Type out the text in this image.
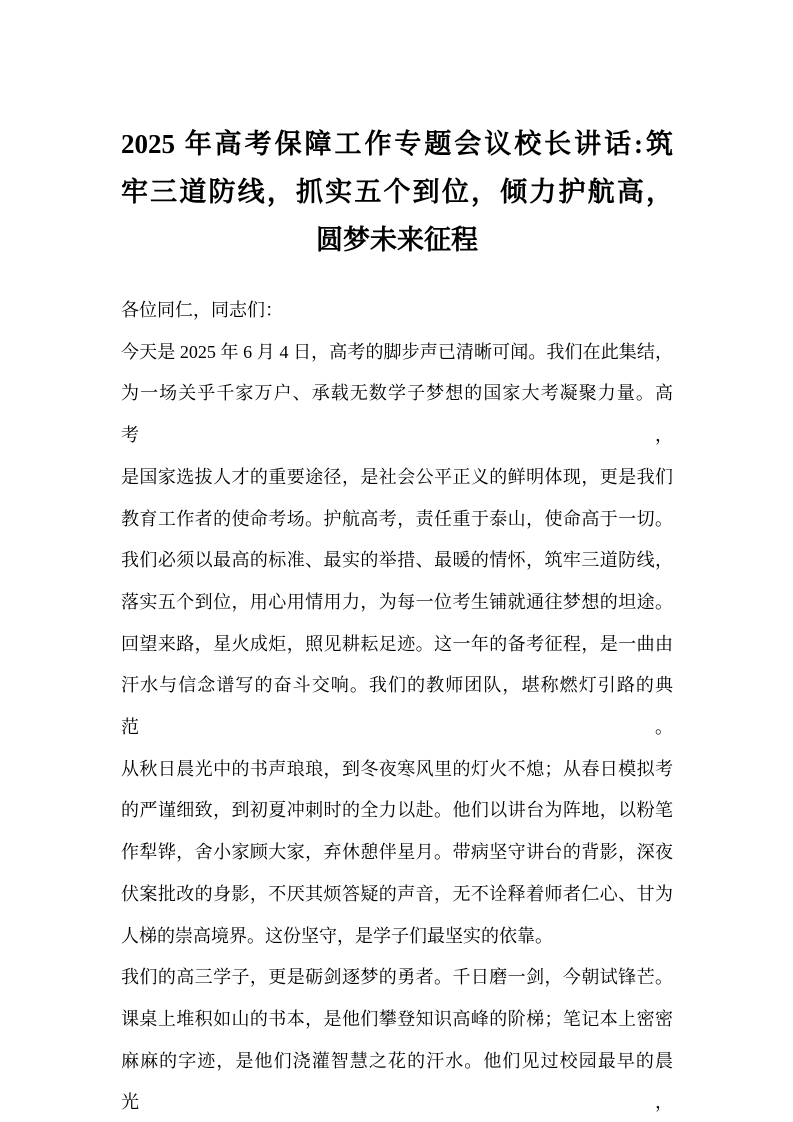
2025 年高考保障工作专题会议校长讲话:筑
牢三道防线，抓实五个到位，倾力护航高，
圆梦未来征程
各位同仁，同志们：
今天是 2025 年 6 月 4 日，高考的脚步声已清晰可闻。我们在此集结，
为一场关乎千家万户、承载无数学子梦想的国家大考凝聚力量。高考，
是国家选拔人才的重要途径，是社会公平正义的鲜明体现，更是我们
教育工作者的使命考场。护航高考，责任重于泰山，使命高于一切。
我们必须以最高的标准、最实的举措、最暖的情怀，筑牢三道防线，
落实五个到位，用心用情用力，为每一位考生铺就通往梦想的坦途。
回望来路，星火成炬，照见耕耘足迹。这一年的备考征程，是一曲由
汗水与信念谱写的奋斗交响。我们的教师团队，堪称燃灯引路的典范。
从秋日晨光中的书声琅琅，到冬夜寒风里的灯火不熄；从春日模拟考
的严谨细致，到初夏冲刺时的全力以赴。他们以讲台为阵地，以粉笔
作犁铧，舍小家顾大家，弃休憩伴星月。带病坚守讲台的背影，深夜
伏案批改的身影，不厌其烦答疑的声音，无不诠释着师者仁心、甘为
人梯的崇高境界。这份坚守，是学子们最坚实的依靠。
我们的高三学子，更是砺剑逐梦的勇者。千日磨一剑，今朝试锋芒。
课桌上堆积如山的书本，是他们攀登知识高峰的阶梯；笔记本上密密
麻麻的字迹，是他们浇灌智慧之花的汗水。他们见过校园最早的晨光，
